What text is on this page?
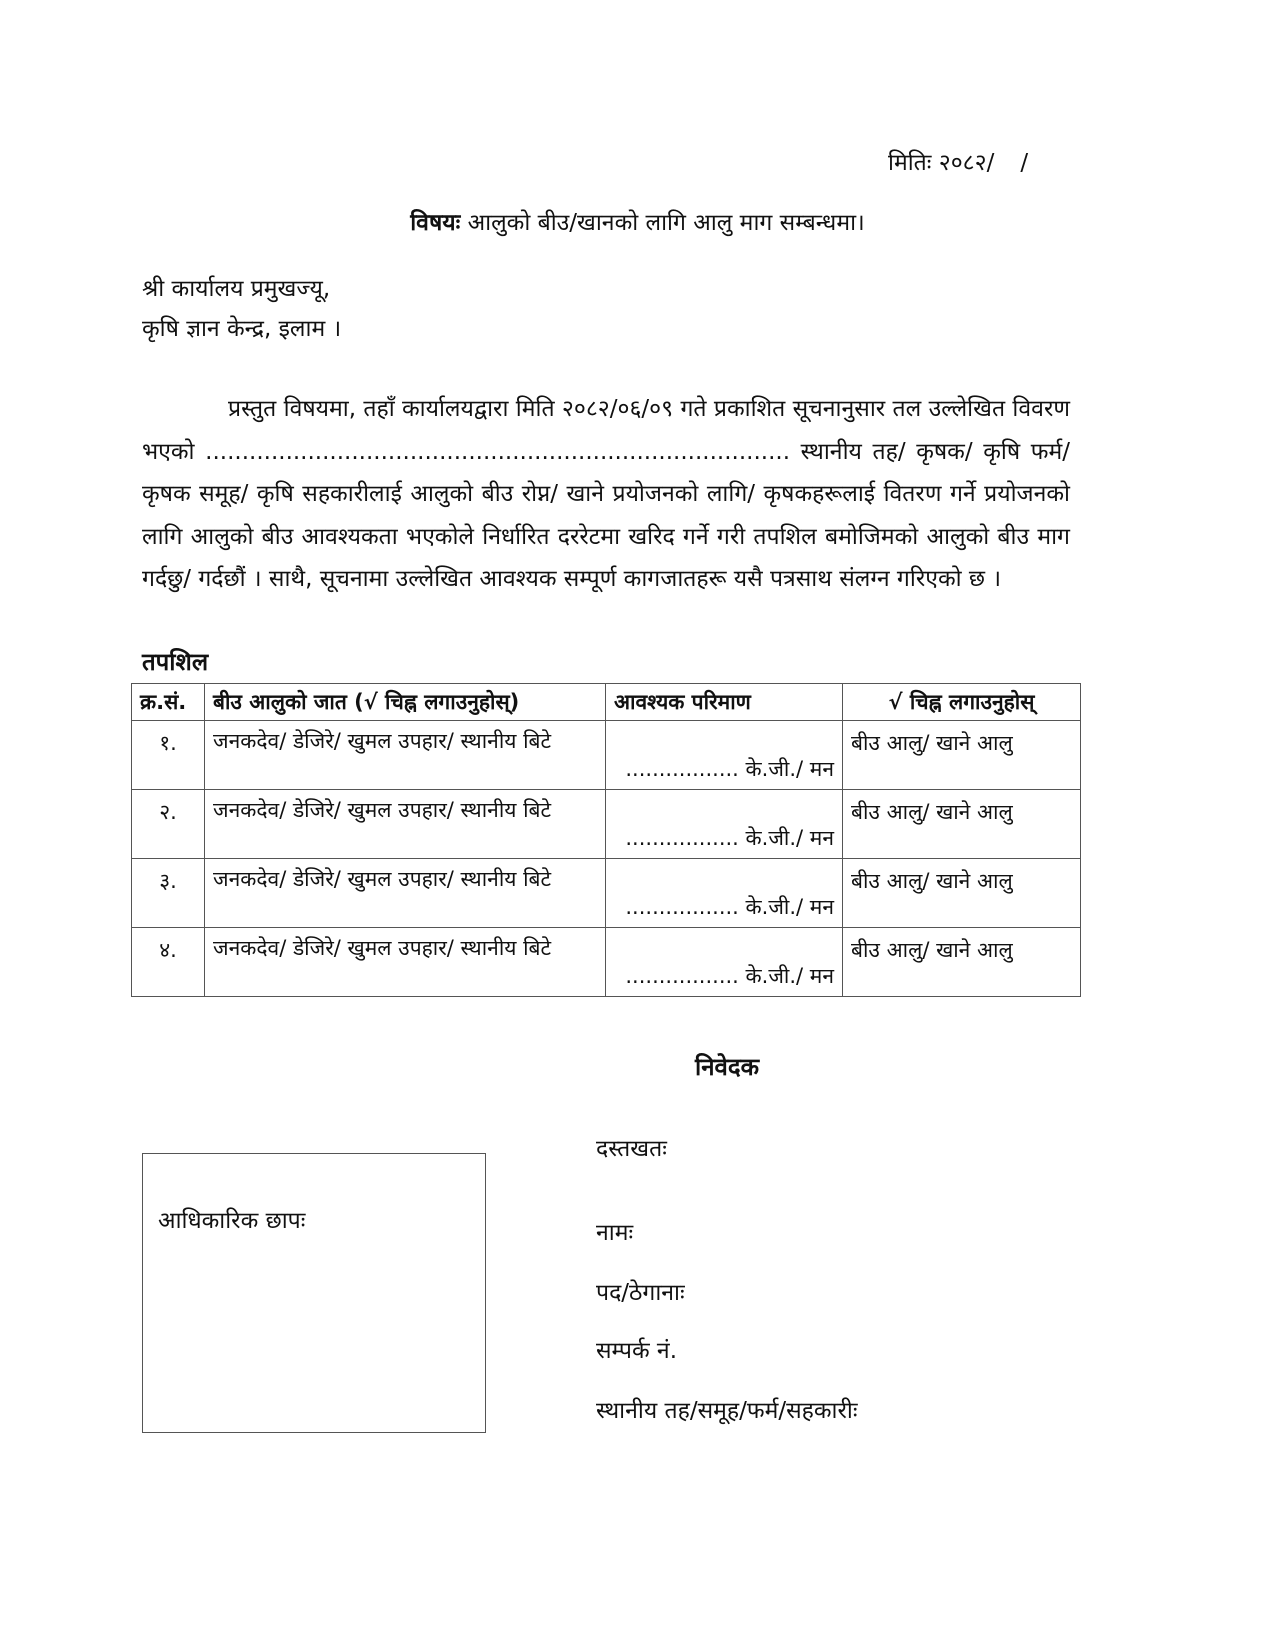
मितिः २०८२/ /
विषयः आलुको बीउ/खानको लागि आलु माग सम्बन्धमा।
श्री कार्यालय प्रमुखज्यू,
कृषि ज्ञान केन्द्र, इलाम ।
प्रस्तुत विषयमा, तहाँ कार्यालयद्वारा मिति २०८२/०६/०९ गते प्रकाशित सूचनानुसार तल उल्लेखित विवरण भएको ................................................................................ स्थानीय तह/ कृषक/ कृषि फर्म/ कृषक समूह/ कृषि सहकारीलाई आलुको बीउ रोप्न/ खाने प्रयोजनको लागि/ कृषकहरूलाई वितरण गर्ने प्रयोजनको लागि आलुको बीउ आवश्यकता भएकोले निर्धारित दररेटमा खरिद गर्ने गरी तपशिल बमोजिमको आलुको बीउ माग गर्दछु/ गर्दछौं । साथै, सूचनामा उल्लेखित आवश्यक सम्पूर्ण कागजातहरू यसै पत्रसाथ संलग्न गरिएको छ ।
तपशिल
क्र.सं.	बीउ आलुको जात (√ चिह्न लगाउनुहोस्)	आवश्यक परिमाण	√ चिह्न लगाउनुहोस्
१.	जनकदेव/ डेजिरे/ खुमल उपहार/ स्थानीय बिटे	................. के.जी./ मन	बीउ आलु/ खाने आलु
२.	जनकदेव/ डेजिरे/ खुमल उपहार/ स्थानीय बिटे	................. के.जी./ मन	बीउ आलु/ खाने आलु
३.	जनकदेव/ डेजिरे/ खुमल उपहार/ स्थानीय बिटे	................. के.जी./ मन	बीउ आलु/ खाने आलु
४.	जनकदेव/ डेजिरे/ खुमल उपहार/ स्थानीय बिटे	................. के.जी./ मन	बीउ आलु/ खाने आलु
निवेदक
आधिकारिक छापः
दस्तखतः
नामः
पद/ठेगानाः
सम्पर्क नं.
स्थानीय तह/समूह/फर्म/सहकारीः
